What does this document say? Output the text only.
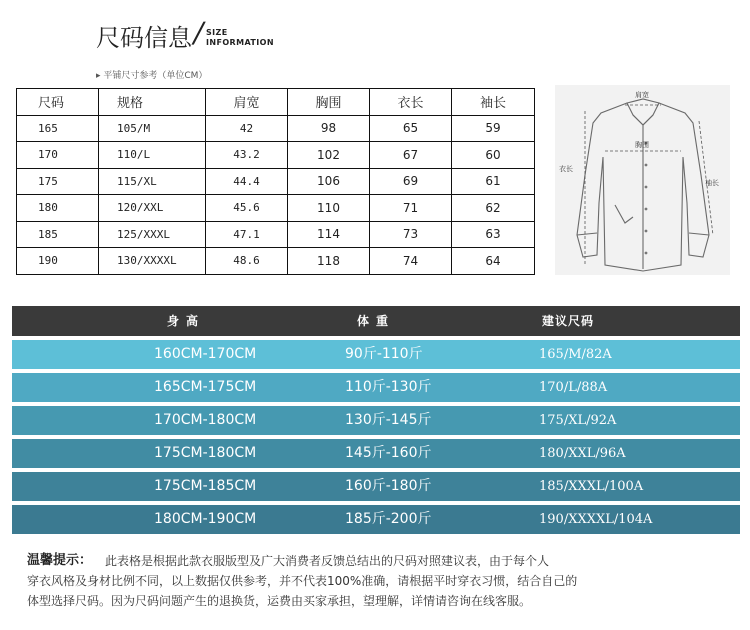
尺码信息
/ SIZE
INFORMATION
▸ 平铺尺寸参考（单位CM）
尺码	规格	肩宽	胸围	衣长	袖长
165	105/M	42	98	65	59
170	110/L	43.2	102	67	60
175	115/XL	44.4	106	69	61
180	120/XXL	45.6	110	71	62
185	125/XXXL	47.1	114	73	63
190	130/XXXXL	48.6	118	74	64
肩宽
胸围
衣长
袖长
身高	体重	建议尺码
160CM-170CM	90斤-110斤	165/M/82A
165CM-175CM	110斤-130斤	170/L/88A
170CM-180CM	130斤-145斤	175/XL/92A
175CM-180CM	145斤-160斤	180/XXL/96A
175CM-185CM	160斤-180斤	185/XXXL/100A
180CM-190CM	185斤-200斤	190/XXXXL/104A
温馨提示： 此表格是根据此款衣服版型及广大消费者反馈总结出的尺码对照建议表，由于每个人
穿衣风格及身材比例不同，以上数据仅供参考，并不代表100%准确，请根据平时穿衣习惯，结合自己的
体型选择尺码。因为尺码问题产生的退换货，运费由买家承担，望理解，详情请咨询在线客服。
